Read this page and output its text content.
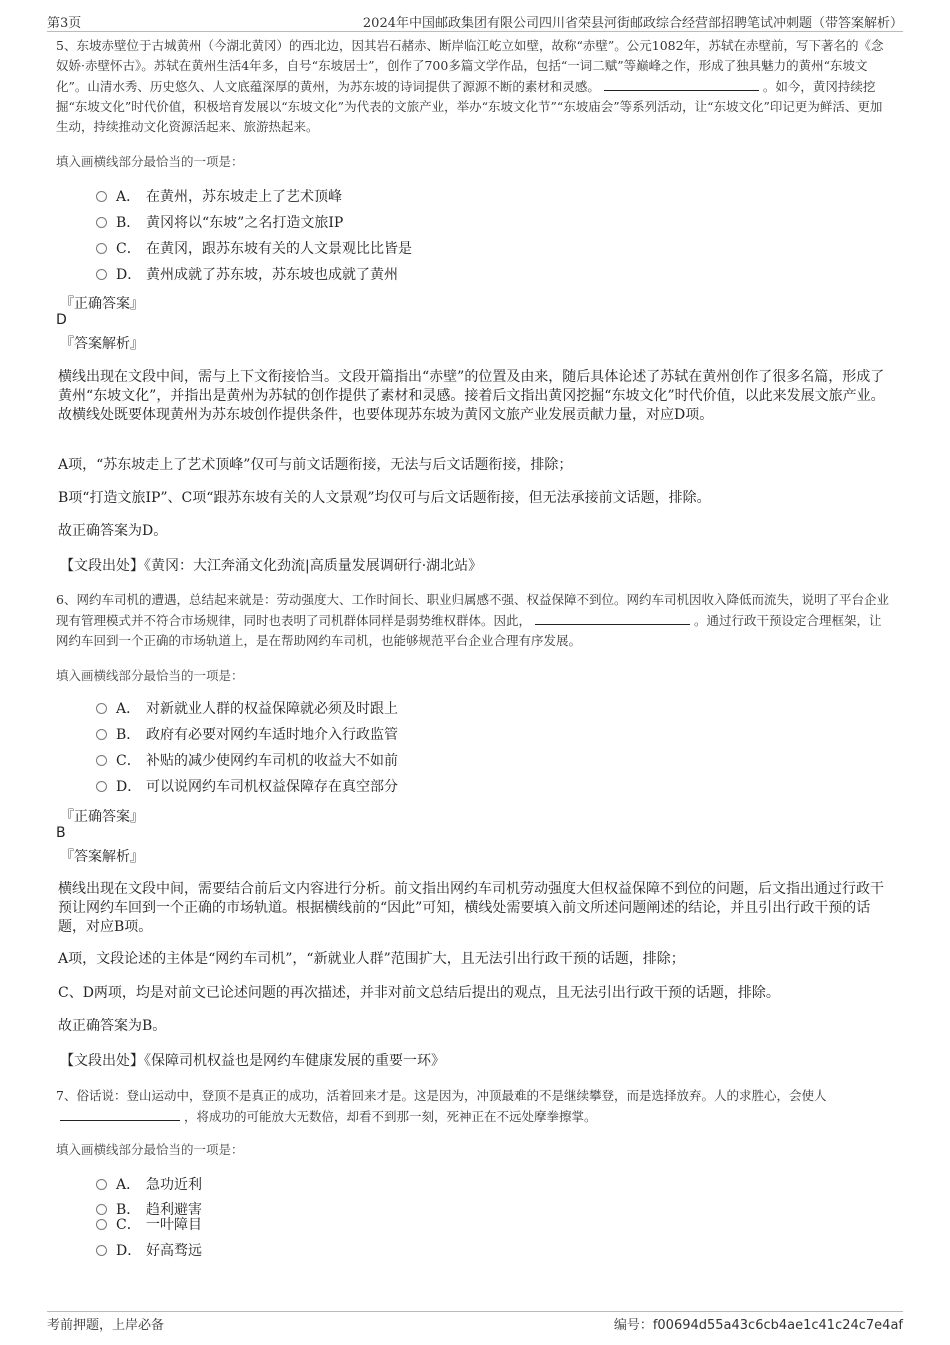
第3页	2024年中国邮政集团有限公司四川省荣县河街邮政综合经营部招聘笔试冲刺题（带答案解析）
5、东坡赤壁位于古城黄州（今湖北黄冈）的西北边，因其岩石赭赤、断岸临江屹立如壁，故称“赤壁”。公元1082年，苏轼在赤壁前，写下著名的《念奴娇·赤壁怀古》。苏轼在黄州生活4年多，自号“东坡居士”，创作了700多篇文学作品，包括“一词二赋”等巅峰之作，形成了独具魅力的黄州“东坡文化”。山清水秀、历史悠久、人文底蕴深厚的黄州，为苏东坡的诗词提供了源源不断的素材和灵感。	。如今，黄冈持续挖掘“东坡文化”时代价值，积极培育发展以“东坡文化”为代表的文旅产业，举办“东坡文化节”“东坡庙会”等系列活动，让“东坡文化”印记更为鲜活、更加生动，持续推动文化资源活起来、旅游热起来。
填入画横线部分最恰当的一项是：
A． 在黄州，苏东坡走上了艺术顶峰
B． 黄冈将以“东坡”之名打造文旅IP
C． 在黄冈，跟苏东坡有关的人文景观比比皆是
D． 黄州成就了苏东坡，苏东坡也成就了黄州
『正确答案』
D
『答案解析』
横线出现在文段中间，需与上下文衔接恰当。文段开篇指出“赤壁”的位置及由来，随后具体论述了苏轼在黄州创作了很多名篇，形成了黄州“东坡文化”，并指出是黄州为苏轼的创作提供了素材和灵感。接着后文指出黄冈挖掘“东坡文化”时代价值，以此来发展文旅产业。故横线处既要体现黄州为苏东坡创作提供条件，也要体现苏东坡为黄冈文旅产业发展贡献力量，对应D项。
A项，“苏东坡走上了艺术顶峰”仅可与前文话题衔接，无法与后文话题衔接，排除；
B项“打造文旅IP”、C项“跟苏东坡有关的人文景观”均仅可与后文话题衔接，但无法承接前文话题，排除。
故正确答案为D。
【文段出处】《黄冈：大江奔涌文化劲流|高质量发展调研行·湖北站》
6、网约车司机的遭遇，总结起来就是：劳动强度大、工作时间长、职业归属感不强、权益保障不到位。网约车司机因收入降低而流失，说明了平台企业现有管理模式并不符合市场规律，同时也表明了司机群体同样是弱势维权群体。因此，	。通过行政干预设定合理框架，让网约车回到一个正确的市场轨道上，是在帮助网约车司机，也能够规范平台企业合理有序发展。
填入画横线部分最恰当的一项是：
A． 对新就业人群的权益保障就必须及时跟上
B． 政府有必要对网约车适时地介入行政监管
C． 补贴的减少使网约车司机的收益大不如前
D． 可以说网约车司机权益保障存在真空部分
『正确答案』
B
『答案解析』
横线出现在文段中间，需要结合前后文内容进行分析。前文指出网约车司机劳动强度大但权益保障不到位的问题，后文指出通过行政干预让网约车回到一个正确的市场轨道。根据横线前的“因此”可知，横线处需要填入前文所述问题阐述的结论，并且引出行政干预的话题，对应B项。
A项，文段论述的主体是“网约车司机”，“新就业人群”范围扩大，且无法引出行政干预的话题，排除；
C、D两项，均是对前文已论述问题的再次描述，并非对前文总结后提出的观点，且无法引出行政干预的话题，排除。
故正确答案为B。
【文段出处】《保障司机权益也是网约车健康发展的重要一环》
7、俗话说：登山运动中，登顶不是真正的成功，活着回来才是。这是因为，冲顶最难的不是继续攀登，而是选择放弃。人的求胜心，会使人，将成功的可能放大无数倍，却看不到那一刻，死神正在不远处摩拳擦掌。
填入画横线部分最恰当的一项是：
A． 急功近利
B． 趋利避害
C． 一叶障目
D． 好高骛远
考前押题，上岸必备	编号：f00694d55a43c6cb4ae1c41c24c7e4af
